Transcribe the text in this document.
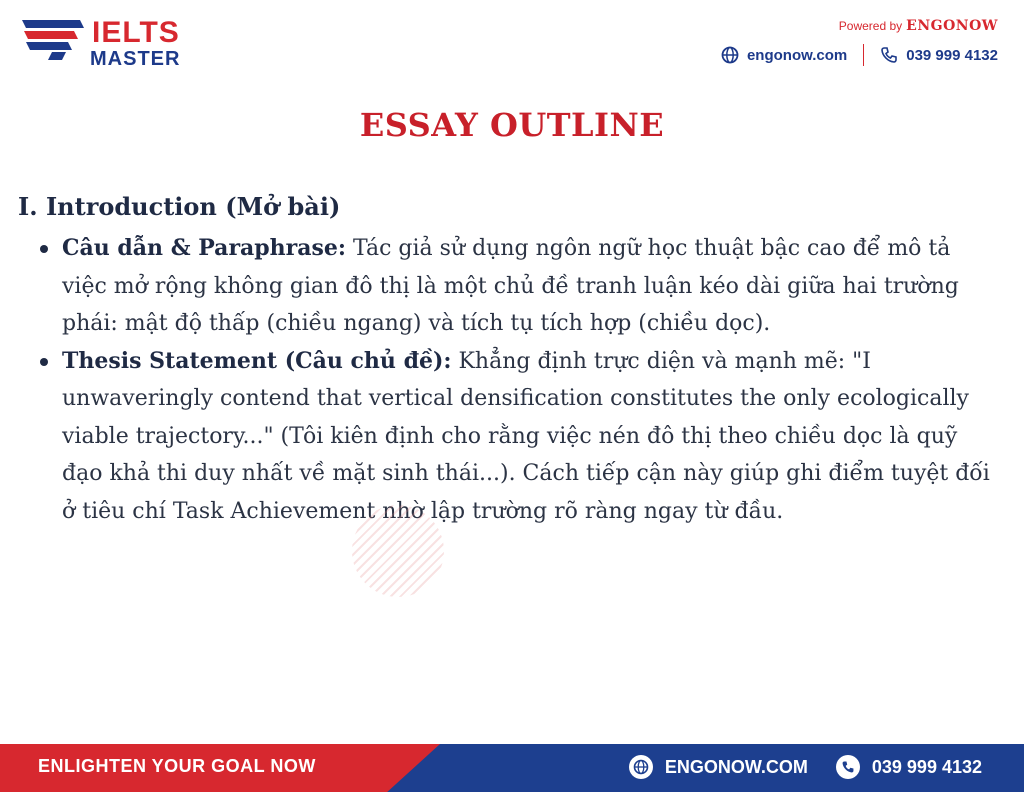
IELTS
MASTER
Powered by ENGONOW
engonow.com	039 999 4132
ESSAY OUTLINE
I. Introduction (Mở bài)
Câu dẫn & Paraphrase: Tác giả sử dụng ngôn ngữ học thuật bậc cao để mô tả việc mở rộng không gian đô thị là một chủ đề tranh luận kéo dài giữa hai trường phái: mật độ thấp (chiều ngang) và tích tụ tích hợp (chiều dọc).
Thesis Statement (Câu chủ đề): Khẳng định trực diện và mạnh mẽ: "I unwaveringly contend that vertical densification constitutes the only ecologically viable trajectory..." (Tôi kiên định cho rằng việc nén đô thị theo chiều dọc là quỹ đạo khả thi duy nhất về mặt sinh thái...). Cách tiếp cận này giúp ghi điểm tuyệt đối ở tiêu chí Task Achievement nhờ lập trường rõ ràng ngay từ đầu.
ENLIGHTEN YOUR GOAL NOW	ENGONOW.COM	039 999 4132
